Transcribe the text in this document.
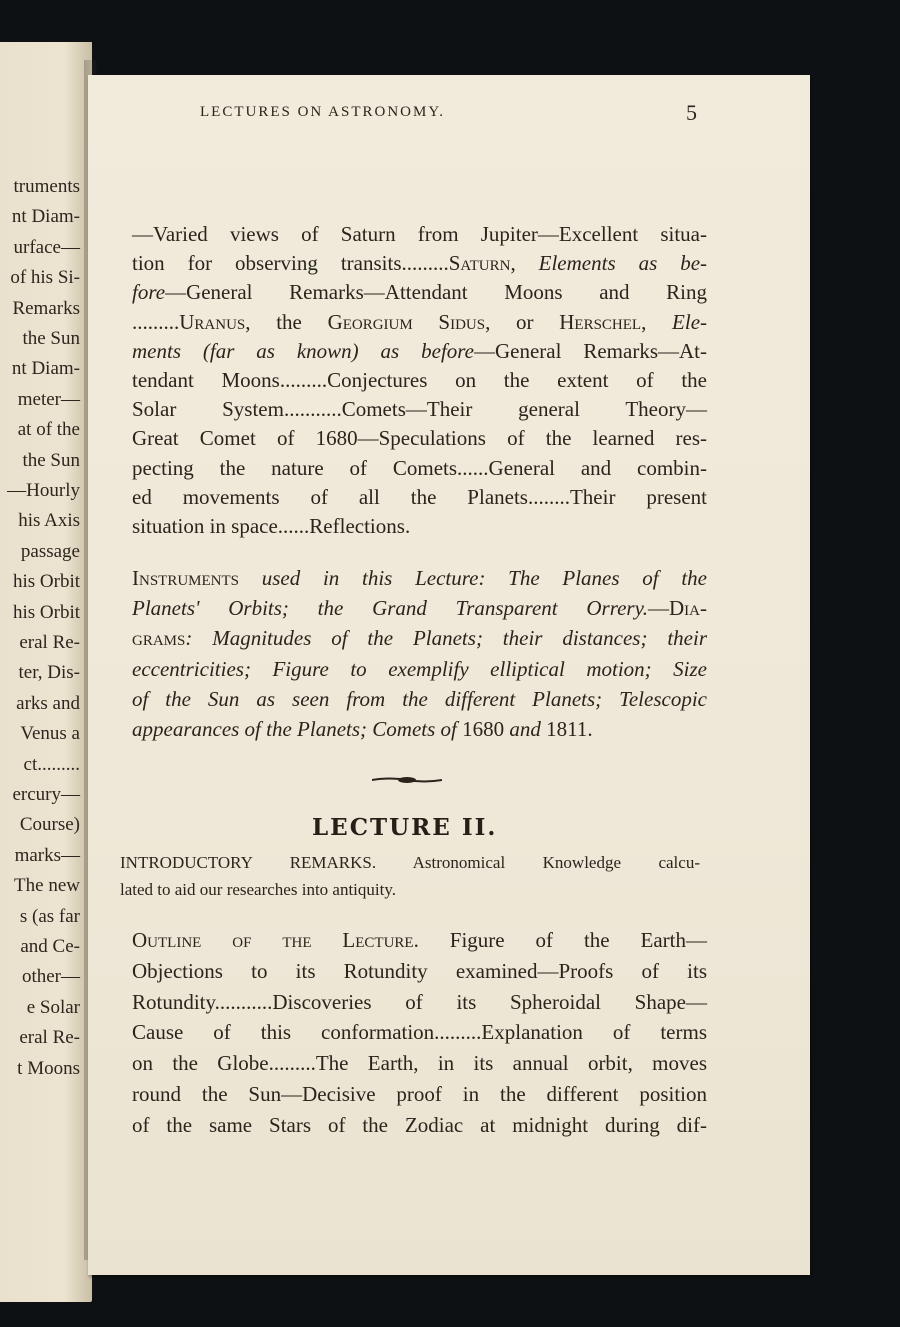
truments
nt Diam-
urface—
of his Si-
Remarks
the Sun
nt Diam-
meter—
at of the
the Sun
—Hourly
his Axis
passage
his Orbit
his Orbit
eral Re-
ter, Dis-
arks and
Venus a
ct.........
ercury—
Course)
marks—
The new
s (as far
and Ce-
other—
e Solar
eral Re-
t Moons
LECTURES ON ASTRONOMY.	5
—Varied views of Saturn from Jupiter—Excellent situa-
tion for observing transits.........Saturn, Elements as be-
fore—General Remarks—Attendant Moons and Ring
.........Uranus, the Georgium Sidus, or Herschel, Ele-
ments (far as known) as before—General Remarks—At-
tendant Moons.........Conjectures on the extent of the
Solar System...........Comets—Their general Theory—
Great Comet of 1680—Speculations of the learned res-
pecting the nature of Comets......General and combin-
ed movements of all the Planets........Their present
situation in space......Reflections.
Instruments used in this Lecture: The Planes of the
Planets' Orbits; the Grand Transparent Orrery.—Dia-
grams: Magnitudes of the Planets; their distances; their
eccentricities; Figure to exemplify elliptical motion; Size
of the Sun as seen from the different Planets; Telescopic
appearances of the Planets; Comets of 1680 and 1811.
LECTURE II.
INTRODUCTORY REMARKS. Astronomical Knowledge calcu-
lated to aid our researches into antiquity.
Outline of the Lecture. Figure of the Earth—
Objections to its Rotundity examined—Proofs of its
Rotundity...........Discoveries of its Spheroidal Shape—
Cause of this conformation.........Explanation of terms
on the Globe.........The Earth, in its annual orbit, moves
round the Sun—Decisive proof in the different position
of the same Stars of the Zodiac at midnight during dif-
